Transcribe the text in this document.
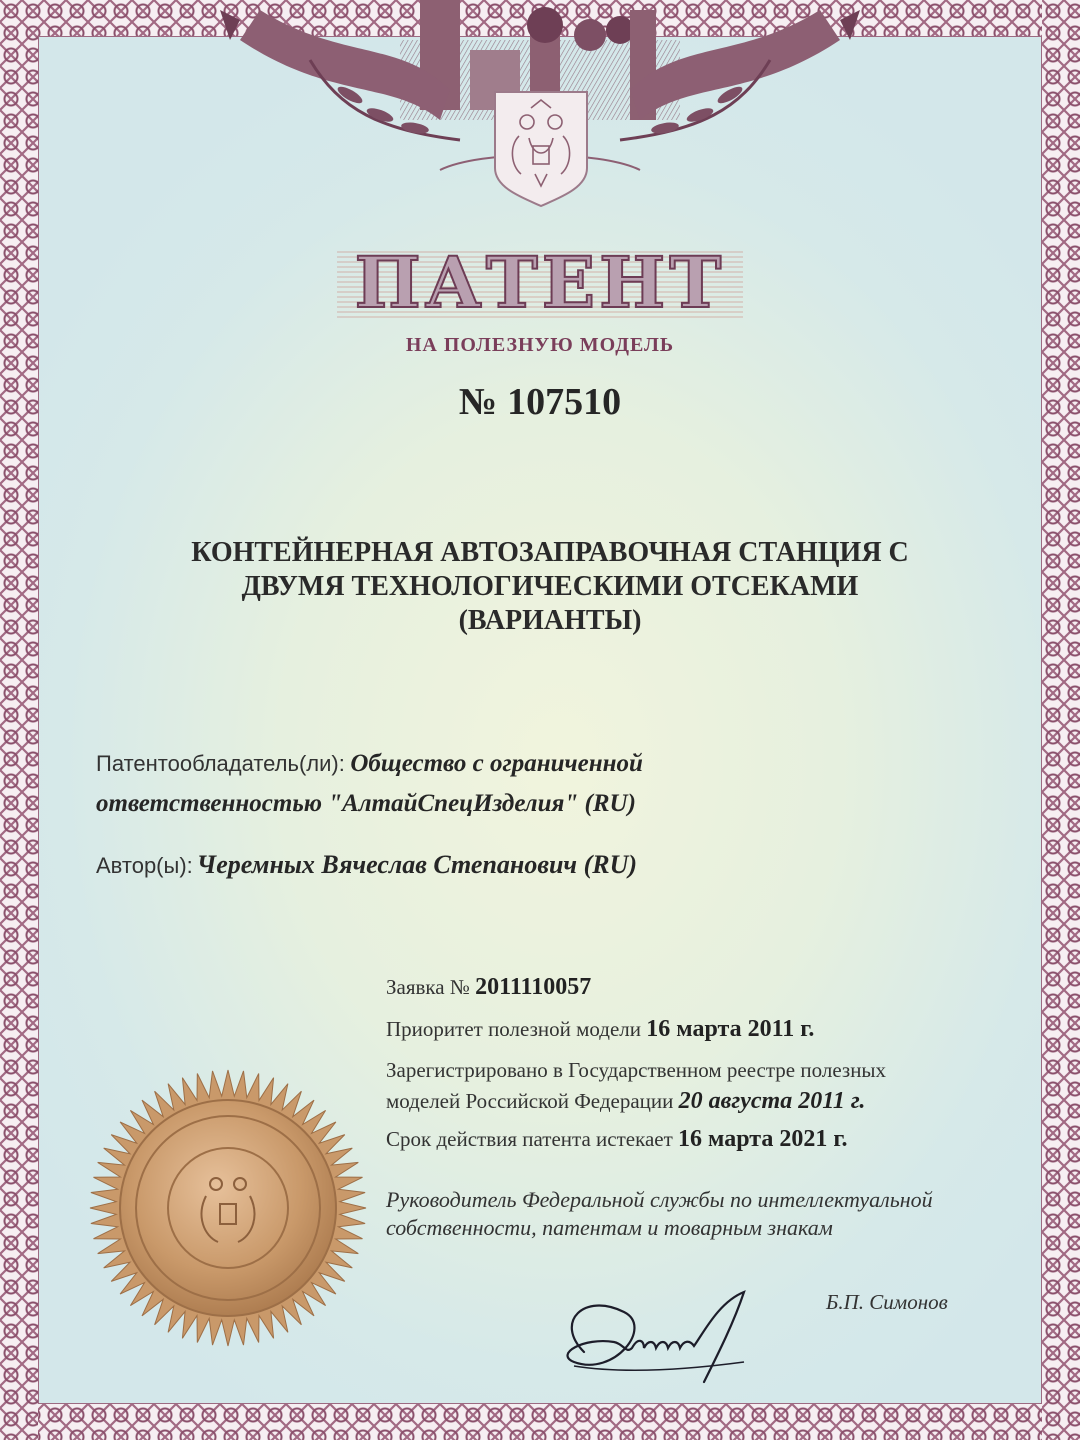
ПАТЕНТ
НА ПОЛЕЗНУЮ МОДЕЛЬ
№ 107510
КОНТЕЙНЕРНАЯ АВТОЗАПРАВОЧНАЯ СТАНЦИЯ С
ДВУМЯ ТЕХНОЛОГИЧЕСКИМИ ОТСЕКАМИ
(ВАРИАНТЫ)
Патентообладатель(ли): Общество с ограниченной
ответственностью "АлтайСпецИзделия" (RU)
Автор(ы): Черемных Вячеслав Степанович (RU)
Заявка № 2011110057
Приоритет полезной модели 16 марта 2011 г.
Зарегистрировано в Государственном реестре полезных
моделей Российской Федерации 20 августа 2011 г.
Срок действия патента истекает 16 марта 2021 г.
Руководитель Федеральной службы по интеллектуальной
собственности, патентам и товарным знакам
Б.П. Симонов
